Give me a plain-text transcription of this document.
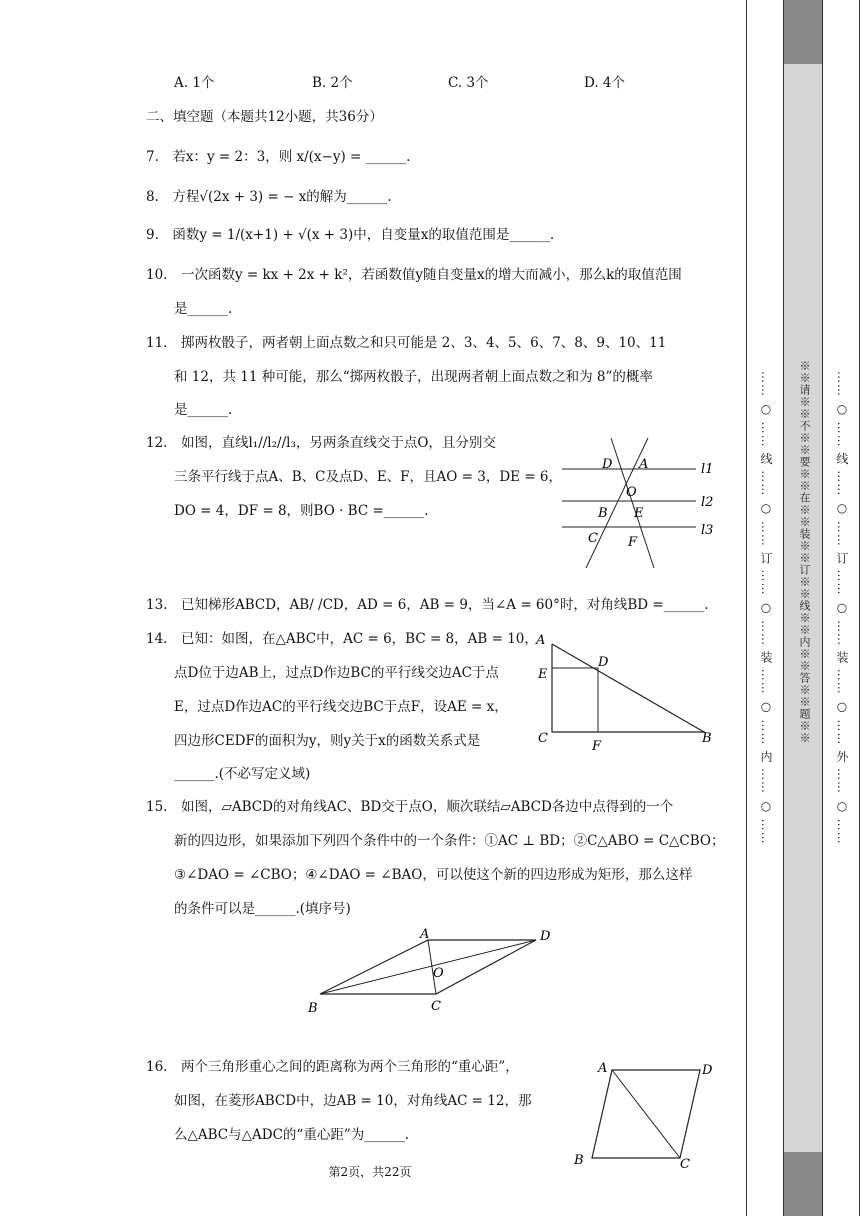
A. 1个	B. 2个	C. 3个	D. 4个
二、填空题（本题共12小题，共36分）
7.　若x：y = 2：3，则 x/(x−y) = ______.
8.　方程√(2x + 3) = − x的解为______.
9.　函数y = 1/(x+1) + √(x + 3)中，自变量x的取值范围是______.
10.　一次函数y = kx + 2x + k²，若函数值y随自变量x的增大而减小，那么k的取值范围
是______.
11.　掷两枚骰子，两者朝上面点数之和只可能是 2、3、4、5、6、7、8、9、10、11
和 12，共 11 种可能，那么“掷两枚骰子，出现两者朝上面点数之和为 8”的概率
是______.
12.　如图，直线l₁//l₂//l₃，另两条直线交于点O，且分别交
三条平行线于点A、B、C及点D、E、F，且AO = 3，DE = 6，
DO = 4，DF = 8，则BO · BC =______.
D A	l1
O
l2
B E
C F
l3
13.　已知梯形ABCD，AB/ /CD，AD = 6，AB = 9，当∠A = 60°时，对角线BD =______.
14.　已知：如图，在△ABC中，AC = 6，BC = 8，AB = 10，
点D位于边AB上，过点D作边BC的平行线交边AC于点
E，过点D作边AC的平行线交边BC于点F，设AE = x，
四边形CEDF的面积为y，则y关于x的函数关系式是
______.(不必写定义域)
A
D
E
C
F
B
15.　如图，▱ABCD的对角线AC、BD交于点O，顺次联结▱ABCD各边中点得到的一个
新的四边形，如果添加下列四个条件中的一个条件：①AC ⊥ BD；②C△ABO = C△CBO；
③∠DAO = ∠CBO；④∠DAO = ∠BAO，可以使这个新的四边形成为矩形，那么这样
的条件可以是______.(填序号)
A	D
O
B	C
16.　两个三角形重心之间的距离称为两个三角形的“重心距”，
如图，在菱形ABCD中，边AB = 10，对角线AC = 12，那
么△ABC与△ADC的“重心距”为______.
A	D
B	C
第2页，共22页
…… ○ …… 线 …… ○ …… 订 …… ○ …… 装 …… ○ …… 内 …… ○ …… ※※请※※不※※要※※在※※装※※订※※线※※内※※答※※题※※ …… ○ …… 线 …… ○ …… 订 …… ○ …… 装 …… ○ …… 外 …… ○ ……
